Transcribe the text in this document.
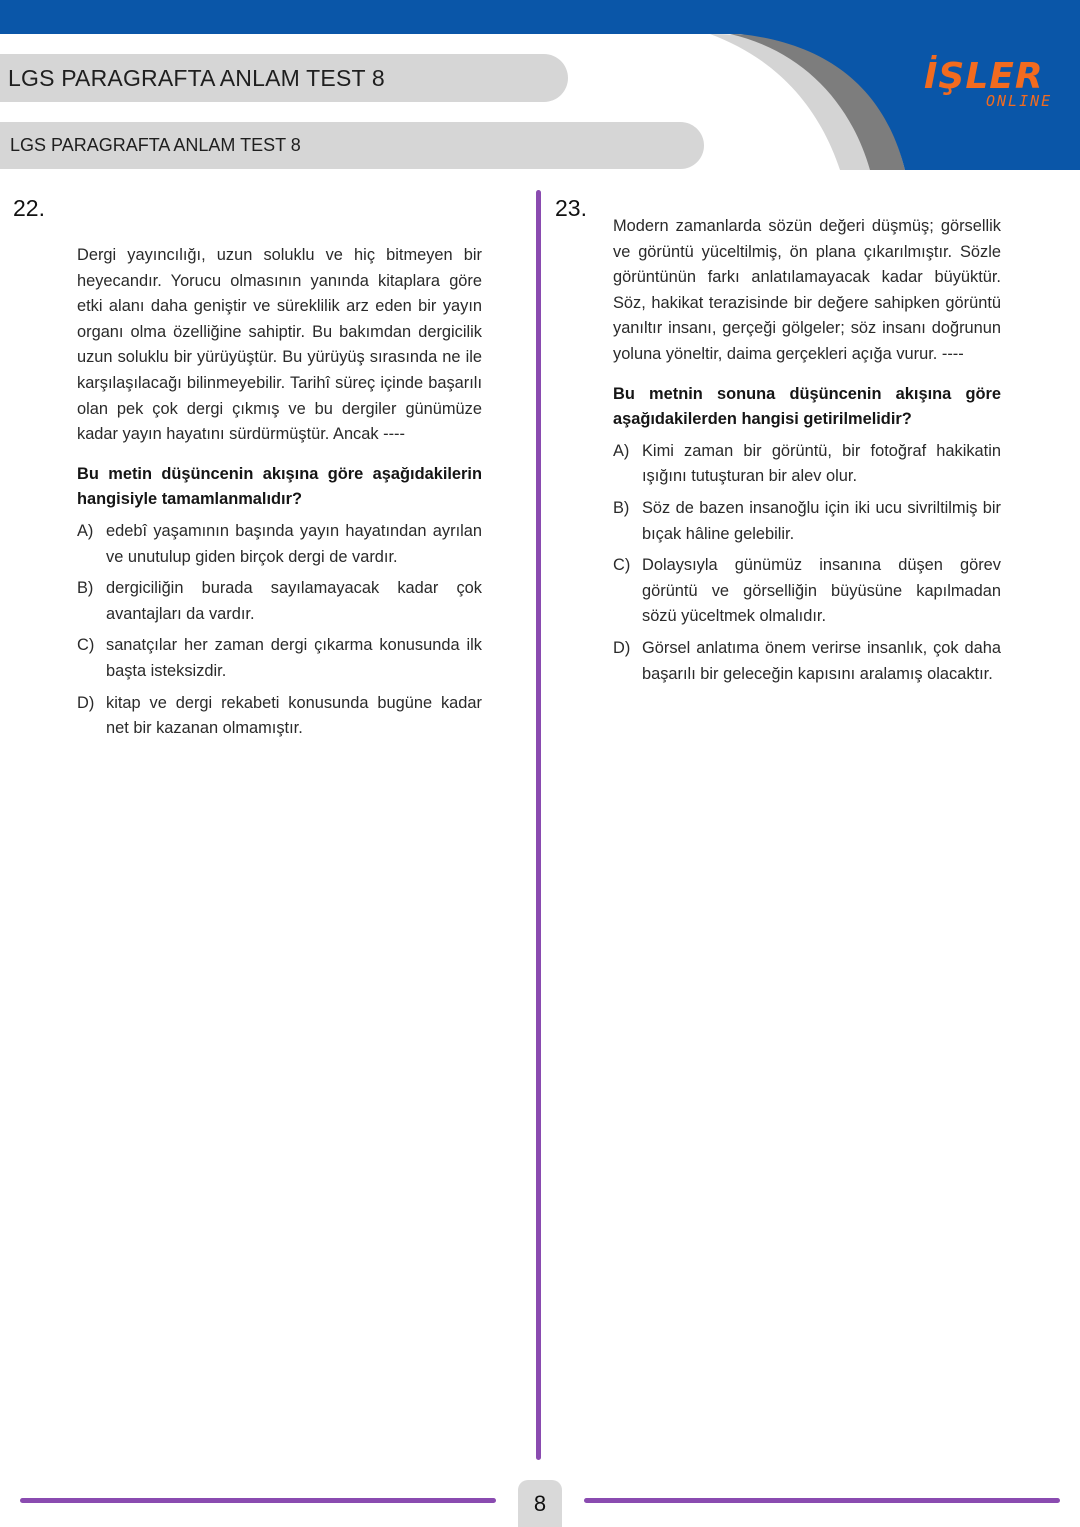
LGS PARAGRAFTA ANLAM TEST 8
LGS PARAGRAFTA ANLAM TEST 8
İŞLER
ONLINE
22.

Dergi yayıncılığı, uzun soluklu ve hiç bitmeyen bir heyecandır. Yorucu olmasının yanında kitaplara göre etki alanı daha geniştir ve süreklilik arz eden bir yayın organı olma özelliğine sahiptir. Bu bakımdan dergicilik uzun soluklu bir yürüyüştür. Bu yürüyüş sırasında ne ile karşılaşılacağı bilinmeyebilir. Tarihî süreç içinde başarılı olan pek çok dergi çıkmış ve bu dergiler günümüze kadar yayın hayatını sürdürmüştür. Ancak ----

Bu metin düşüncenin akışına göre aşağıdakilerin hangisiyle tamamlanmalıdır?

A) edebî yaşamının başında yayın hayatından ayrılan ve unutulup giden birçok dergi de vardır.
B) dergiciliğin burada sayılamayacak kadar çok avantajları da vardır.
C) sanatçılar her zaman dergi çıkarma konusunda ilk başta isteksizdir.
D) kitap ve dergi rekabeti konusunda bugüne kadar net bir kazanan olmamıştır.
23.

Modern zamanlarda sözün değeri düşmüş; görsellik ve görüntü yüceltilmiş, ön plana çıkarılmıştır. Sözle görüntünün farkı anlatılamayacak kadar büyüktür. Söz, hakikat terazisinde bir değere sahipken görüntü yanıltır insanı, gerçeği gölgeler; söz insanı doğrunun yoluna yöneltir, daima gerçekleri açığa vurur. ----

Bu metnin sonuna düşüncenin akışına göre aşağıdakilerden hangisi getirilmelidir?

A) Kimi zaman bir görüntü, bir fotoğraf hakikatin ışığını tutuşturan bir alev olur.
B) Söz de bazen insanoğlu için iki ucu sivriltilmiş bir bıçak hâline gelebilir.
C) Dolaysıyla günümüz insanına düşen görev görüntü ve görselliğin büyüsüne kapılmadan sözü yüceltmek olmalıdır.
D) Görsel anlatıma önem verirse insanlık, çok daha başarılı bir geleceğin kapısını aralamış olacaktır.
8
